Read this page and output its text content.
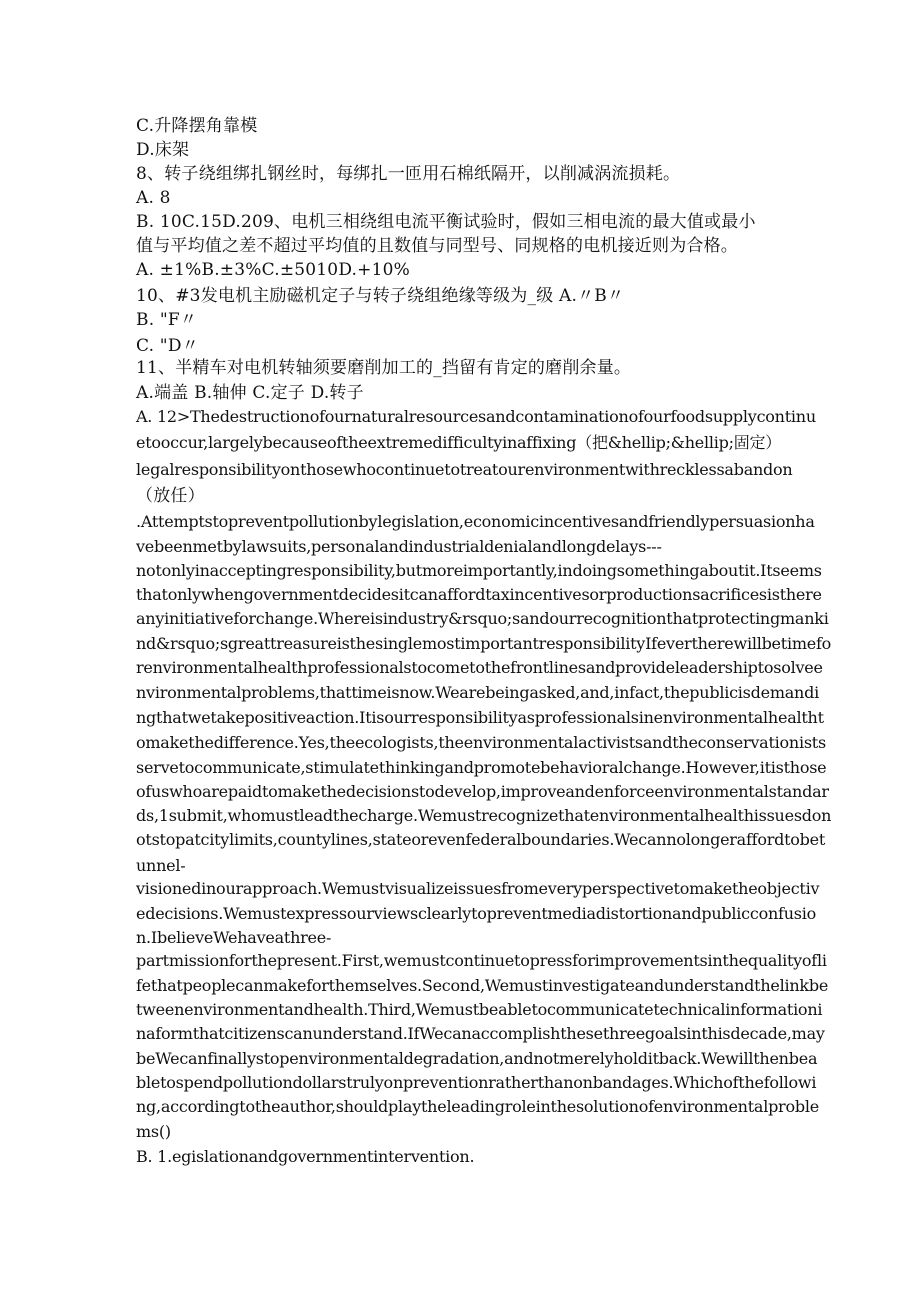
C.升降摆角靠模
D.床架
8、转子绕组绑扎钢丝时，每绑扎一匝用石棉纸隔开，以削减涡流损耗。
A. 8
B. 10C.15D.209、电机三相绕组电流平衡试验时，假如三相电流的最大值或最小
值与平均值之差不超过平均值的且数值与同型号、同规格的电机接近则为合格。
A. ±1%B.±3%C.±5010D.+10%
10、#3发电机主励磁机定子与转子绕组绝缘等级为_级 A.〃B〃
B. "F〃
C. "D〃
11、半精车对电机转轴须要磨削加工的_挡留有肯定的磨削余量。
A.端盖 B.轴伸 C.定子 D.转子
A. 12>Thedestructionofournaturalresourcesandcontaminationofourfoodsupplycontinu
etooccur,largelybecauseoftheextremedifficultyinaffixing（把&hellip;&hellip;固定）
legalresponsibilityonthosewhocontinuetotreatourenvironmentwithrecklessabandon
（放任）
.Attemptstopreventpollutionbylegislation,economicincentivesandfriendlypersuasionha
vebeenmetbylawsuits,personalandindustrialdenialandlongdelays---
notonlyinacceptingresponsibility,butmoreimportantly,indoingsomethingaboutit.Itseems
thatonlywhengovernmentdecidesitcanaffordtaxincentivesorproductionsacrificesisthere
anyinitiativeforchange.Whereisindustry&rsquo;sandourrecognitionthatprotectingmanki
nd&rsquo;sgreattreasureisthesinglemostimportantresponsibilityIfevertherewillbetimefo
renvironmentalhealthprofessionalstocometothefrontlinesandprovideleadershiptosolvee
nvironmentalproblems,thattimeisnow.Wearebeingasked,and,infact,thepublicisdemandi
ngthatwetakepositiveaction.Itisourresponsibilityasprofessionalsinenvironmentalhealtht
omakethedifference.Yes,theecologists,theenvironmentalactivistsandtheconservationists
servetocommunicate,stimulatethinkingandpromotebehavioralchange.However,itisthose
ofuswhoarepaidtomakethedecisionstodevelop,improveandenforceenvironmentalstandar
ds,1submit,whomustleadthecharge.Wemustrecognizethatenvironmentalhealthissuesdon
otstopatcitylimits,countylines,stateorevenfederalboundaries.Wecannolongeraffordtobet
unnel-
visionedinourapproach.Wemustvisualizeissuesfromeveryperspectivetomaketheobjectiv
edecisions.Wemustexpressourviewsclearlytopreventmediadistortionandpublicconfusio
n.IbelieveWehaveathree-
partmissionforthepresent.First,wemustcontinuetopressforimprovementsinthequalityofli
fethatpeoplecanmakeforthemselves.Second,Wemustinvestigateandunderstandthelinkbe
tweenenvironmentandhealth.Third,Wemustbeabletocommunicatetechnicalinformationi
naformthatcitizenscanunderstand.IfWecanaccomplishthesethreegoalsinthisdecade,may
beWecanfinallystopenvironmentaldegradation,andnotmerelyholditback.Wewillthenbea
bletospendpollutiondollarstrulyonpreventionratherthanonbandages.Whichofthefollowi
ng,accordingtotheauthor,shouldplaytheleadingroleinthesolutionofenvironmentalproble
ms()
B. 1.egislationandgovernmentintervention.
